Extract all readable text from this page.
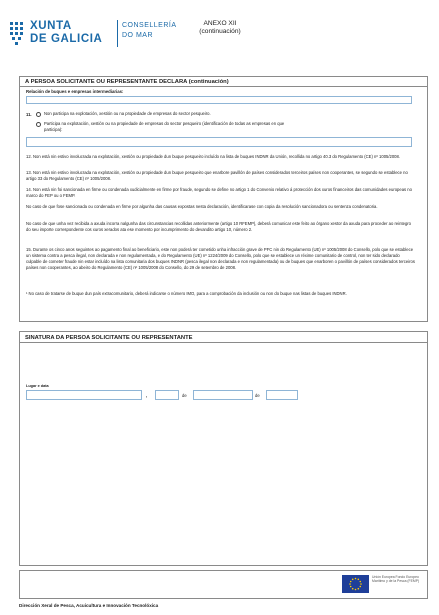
XUNTA
DE GALICIA
CONSELLERÍA
DO MAR
ANEXO XII
(continuación)
A PERSOA SOLICITANTE OU REPRESENTANTE DECLARA (continuación)
Relación de buques e empresas intermediarias:
11.	Non participa na explotación, xestión ou na propiedade de empresas do sector pesqueiro.
Participa na explotación, xestión ou na propiedade de empresas do sector pesqueiro (identificación de todas as empresas en que
participa):
12. Non está nin estivo involucrada na explotación, xestión ou propiedade dun buque pesqueiro incluído na lista de buques INDNR da Unión, recollida no artigo 40.3 do Regulamento (CE) nº 1005/2008.
13. Non está nin estivo involucrada na explotación, xestión ou propiedade dun buque pesqueiro que enarbore pavillón de países considerados terceiros países non cooperantes, se segundo se establece no artigo 33 do Regulamento (CE) nº 1005/2008.
14. Non está nin foi sancionada en firme ou condenada xudicialmente en firme por fraude, segundo se define no artigo 1 do Convenio relativo á protección dos xuros financeiros das comunidades europeas no marco do FEP ou o FEMP.
No caso de que fose sancionada ou condenada en firme por algunha das causas expostas nesta declaración, identificarase con copia da resolución sancionadora ou sentenza condenatoria.
No caso de que unha vez recibida a axuda incorra nalgunha das circunstancias recollidas anteriormente (artigo 10 RFEMP), deberá comunicar este feito ao órgano xestor da axuda para proceder ao reintegro do seu importe correspondente cos xuros xerados ata ese momento por incumprimento do devandito artigo 10, número 2.
15. Durante os cinco anos seguintes ao pagamento final ao beneficiario, este non poderá ter cometido unha infracción grave de PFC nin do Regulamento (UE) nº 1005/2008 do Consello, polo que se establece un sistema contra a pesca ilegal, non declarada e non regulamentada, e do Regulamento (UE) nº 1224/2009 do Consello, polo que se establece un réxime comunitario de control, non ter sido declarado culpable de cometer fraude nin estar incluído na lista comunitaria dos buques INDNR (pesca ilegal non declarada e non regulamentada) ou de buques que enarboren o pavillón de países considerados terceiros países non cooperantes, ao abeiro do Regulamento (CE) nº 1005/2008 do Consello, do 29 de setembro de 2008.
¹ No caso de tratarse de buque dun país extracomunitario, deberá indicarse o número IMO, para a comprobación da inclusión ou non do buque nas listas de buques INDNR.
SINATURA DA PERSOA SOLICITANTE OU REPRESENTANTE
Lugar e data
,	de	de
Unión Europea Fondo Europeo Marítimo y de la Pesca (FEMP)
Dirección Xeral de Pesca, Acuicultura e Innovación Tecnolóxica
